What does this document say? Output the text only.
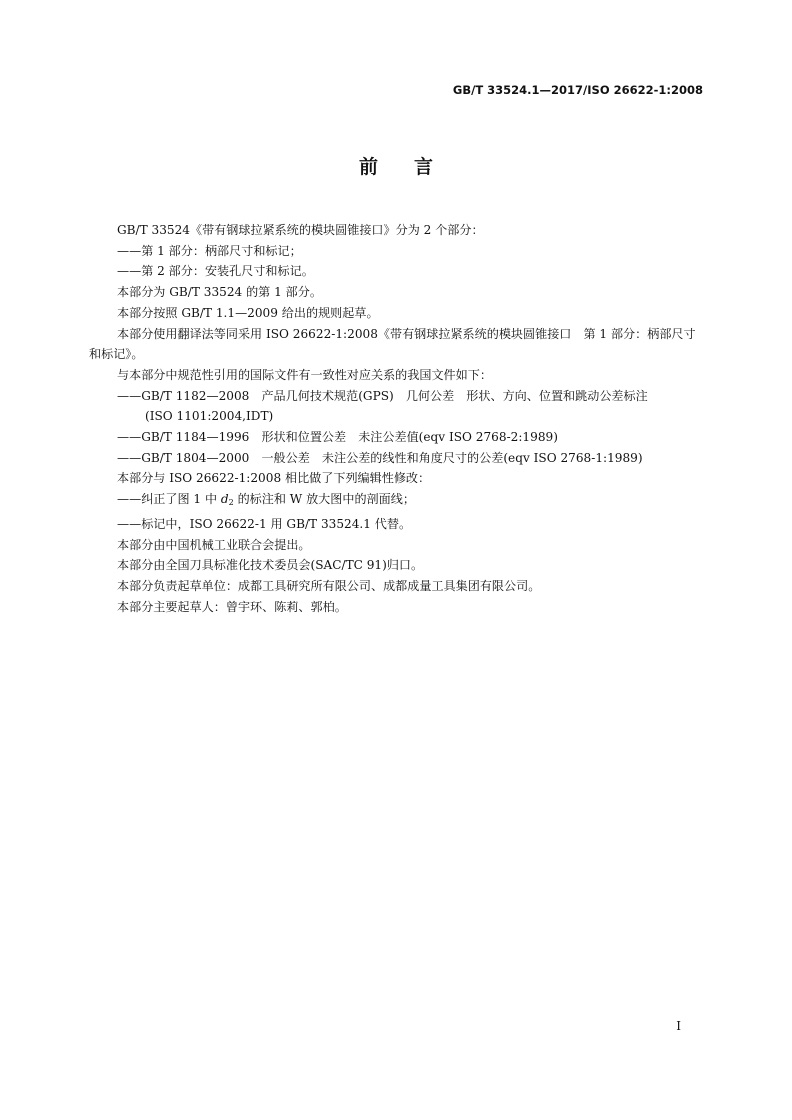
GB/T 33524.1—2017/ISO 26622-1:2008
前言

GB/T 33524《带有钢球拉紧系统的模块圆锥接口》分为 2 个部分：

——第 1 部分：柄部尺寸和标记；

——第 2 部分：安装孔尺寸和标记。

本部分为 GB/T 33524 的第 1 部分。

本部分按照 GB/T 1.1—2009 给出的规则起草。

本部分使用翻译法等同采用 ISO 26622-1:2008《带有钢球拉紧系统的模块圆锥接口　第 1 部分：柄部尺寸和标记》。

与本部分中规范性引用的国际文件有一致性对应关系的我国文件如下：

——GB/T 1182—2008　产品几何技术规范(GPS)　几何公差　形状、方向、位置和跳动公差标注

(ISO 1101:2004,IDT)

——GB/T 1184—1996　形状和位置公差　未注公差值(eqv ISO 2768-2:1989)

——GB/T 1804—2000　一般公差　未注公差的线性和角度尺寸的公差(eqv ISO 2768-1:1989)

本部分与 ISO 26622-1:2008 相比做了下列编辑性修改：

——纠正了图 1 中 d2 的标注和 W 放大图中的剖面线；

——标记中，ISO 26622-1 用 GB/T 33524.1 代替。

本部分由中国机械工业联合会提出。

本部分由全国刀具标准化技术委员会(SAC/TC 91)归口。

本部分负责起草单位：成都工具研究所有限公司、成都成量工具集团有限公司。

本部分主要起草人：曾宇环、陈莉、郭柏。

I
